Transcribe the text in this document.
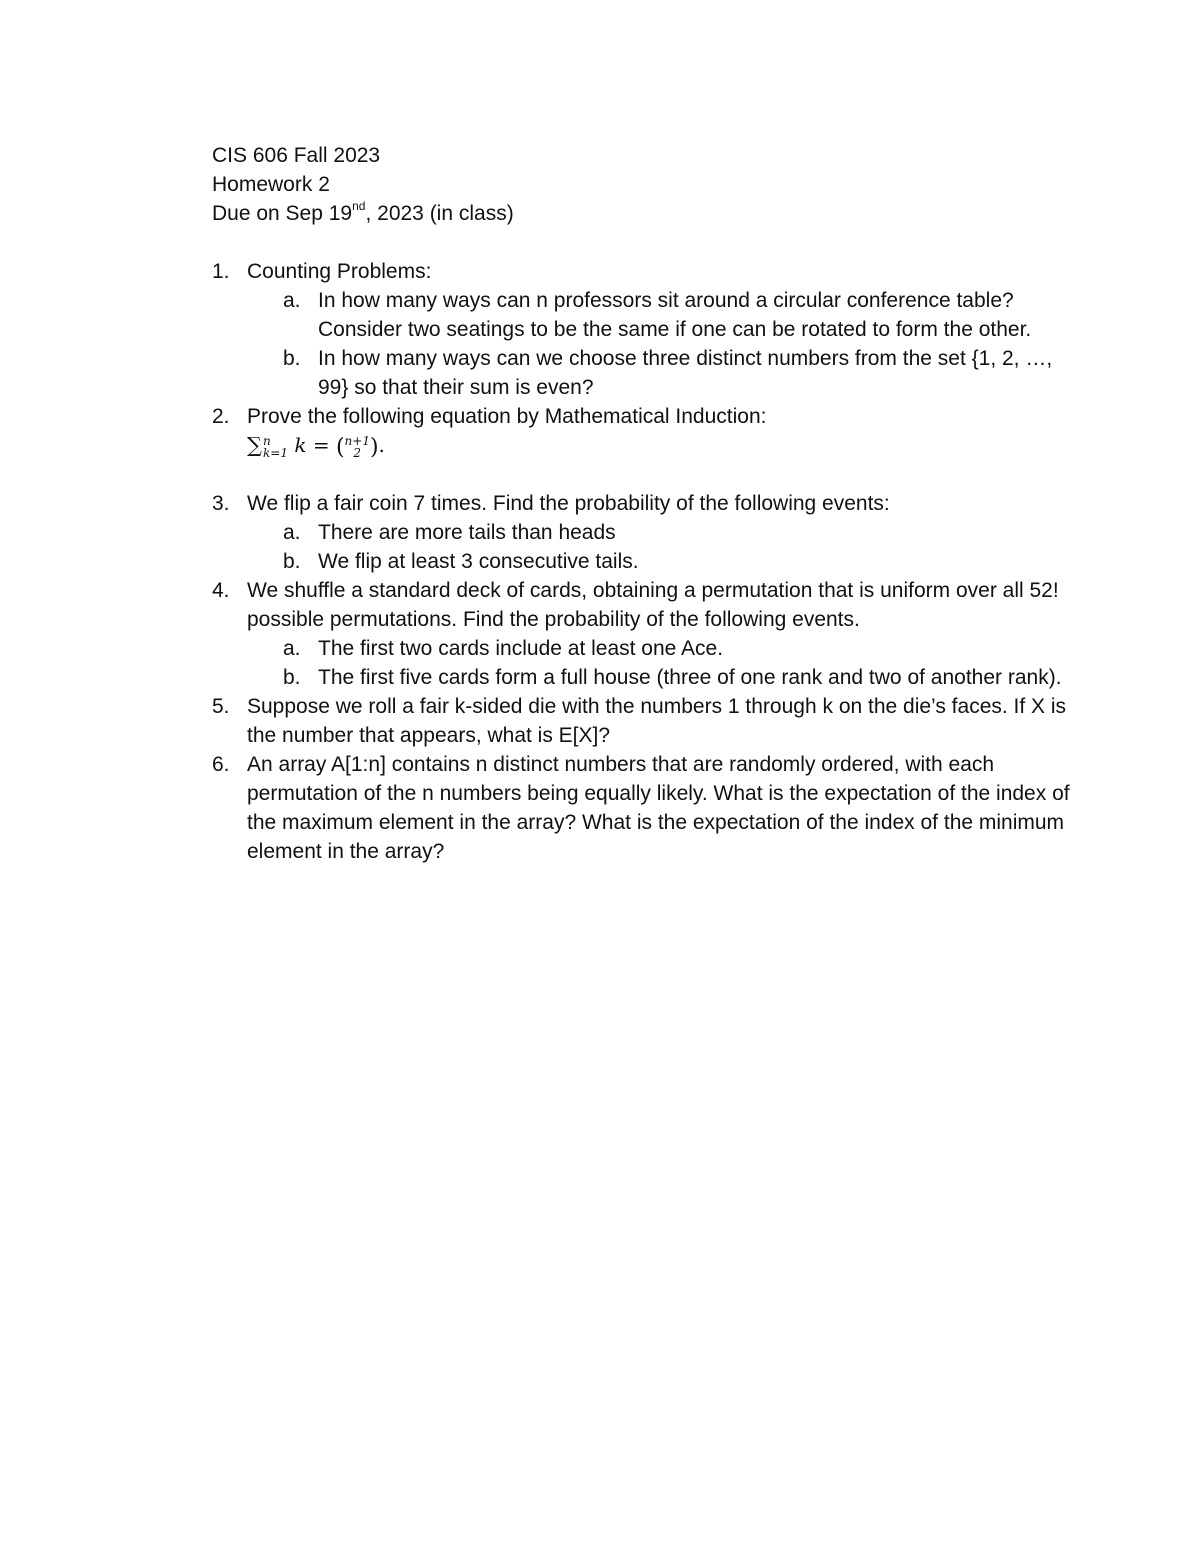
CIS 606 Fall 2023

Homework 2

Due on Sep 19nd, 2023 (in class)

1. Counting Problems:
a. In how many ways can n professors sit around a circular conference table? Consider two seatings to be the same if one can be rotated to form the other.
b. In how many ways can we choose three distinct numbers from the set {1, 2, …, 99} so that their sum is even?
2. Prove the following equation by Mathematical Induction:
∑ n
k=1 k = ( n+1
2 ).
3. We flip a fair coin 7 times. Find the probability of the following events:
a. There are more tails than heads
b. We flip at least 3 consecutive tails.
4. We shuffle a standard deck of cards, obtaining a permutation that is uniform over all 52! possible permutations. Find the probability of the following events.
a. The first two cards include at least one Ace.
b. The first five cards form a full house (three of one rank and two of another rank).
5. Suppose we roll a fair k-sided die with the numbers 1 through k on the die’s faces. If X is the number that appears, what is E[X]?
6. An array A[1:n] contains n distinct numbers that are randomly ordered, with each permutation of the n numbers being equally likely. What is the expectation of the index of the maximum element in the array? What is the expectation of the index of the minimum element in the array?
